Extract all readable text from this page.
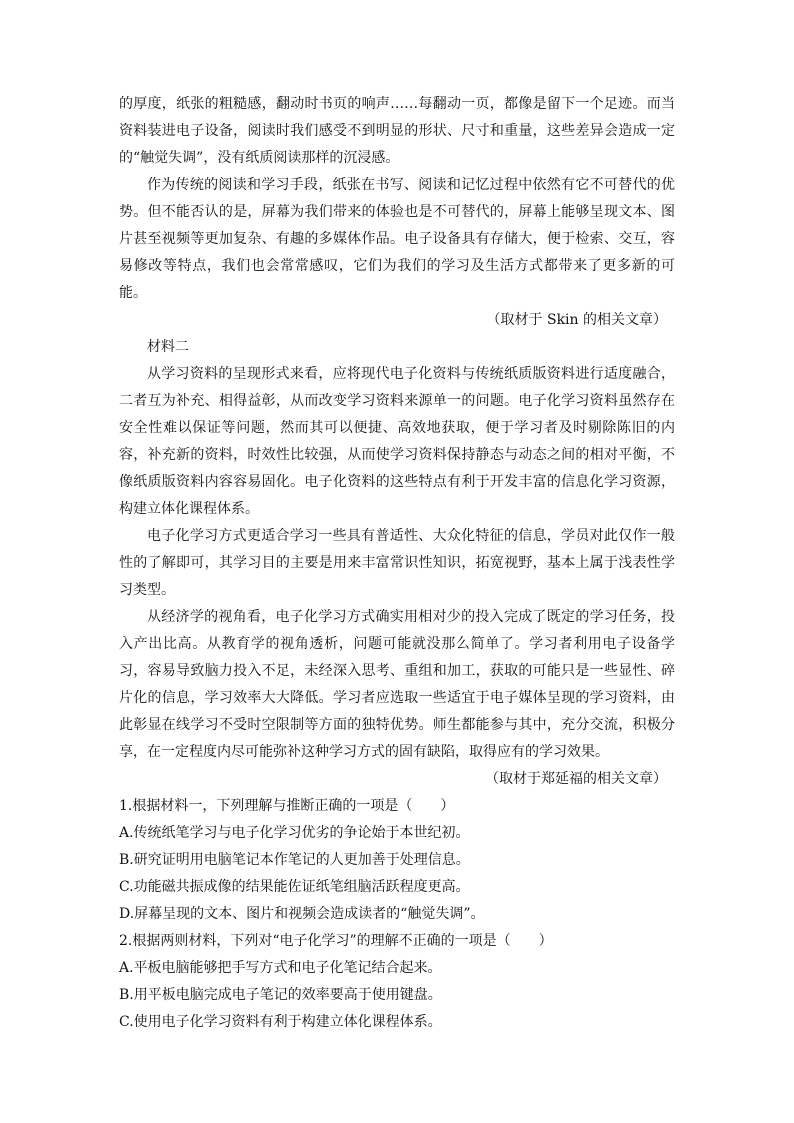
的厚度，纸张的粗糙感，翻动时书页的响声……每翻动一页，都像是留下一个足迹。而当资料装进电子设备，阅读时我们感受不到明显的形状、尺寸和重量，这些差异会造成一定的“触觉失调”，没有纸质阅读那样的沉浸感。

作为传统的阅读和学习手段，纸张在书写、阅读和记忆过程中依然有它不可替代的优势。但不能否认的是，屏幕为我们带来的体验也是不可替代的，屏幕上能够呈现文本、图片甚至视频等更加复杂、有趣的多媒体作品。电子设备具有存储大，便于检索、交互，容易修改等特点，我们也会常常感叹，它们为我们的学习及生活方式都带来了更多新的可能。

（取材于 Skin 的相关文章）

材料二

从学习资料的呈现形式来看，应将现代电子化资料与传统纸质版资料进行适度融合，二者互为补充、相得益彰，从而改变学习资料来源单一的问题。电子化学习资料虽然存在安全性难以保证等问题，然而其可以便捷、高效地获取，便于学习者及时剔除陈旧的内容，补充新的资料，时效性比较强，从而使学习资料保持静态与动态之间的相对平衡，不像纸质版资料内容容易固化。电子化资料的这些特点有利于开发丰富的信息化学习资源，构建立体化课程体系。

电子化学习方式更适合学习一些具有普适性、大众化特征的信息，学员对此仅作一般性的了解即可，其学习目的主要是用来丰富常识性知识，拓宽视野，基本上属于浅表性学习类型。

从经济学的视角看，电子化学习方式确实用相对少的投入完成了既定的学习任务，投入产出比高。从教育学的视角透析，问题可能就没那么简单了。学习者利用电子设备学习，容易导致脑力投入不足，未经深入思考、重组和加工，获取的可能只是一些显性、碎片化的信息，学习效率大大降低。学习者应选取一些适宜于电子媒体呈现的学习资料，由此彰显在线学习不受时空限制等方面的独特优势。师生都能参与其中，充分交流，积极分享，在一定程度内尽可能弥补这种学习方式的固有缺陷，取得应有的学习效果。

（取材于郑延福的相关文章）

1.根据材料一，下列理解与推断正确的一项是（　　）

A.传统纸笔学习与电子化学习优劣的争论始于本世纪初。

B.研究证明用电脑笔记本作笔记的人更加善于处理信息。

C.功能磁共振成像的结果能佐证纸笔组脑活跃程度更高。

D.屏幕呈现的文本、图片和视频会造成读者的“触觉失调”。

2.根据两则材料，下列对“电子化学习”的理解不正确的一项是（　　）

A.平板电脑能够把手写方式和电子化笔记结合起来。

B.用平板电脑完成电子笔记的效率要高于使用键盘。

C.使用电子化学习资料有利于构建立体化课程体系。
